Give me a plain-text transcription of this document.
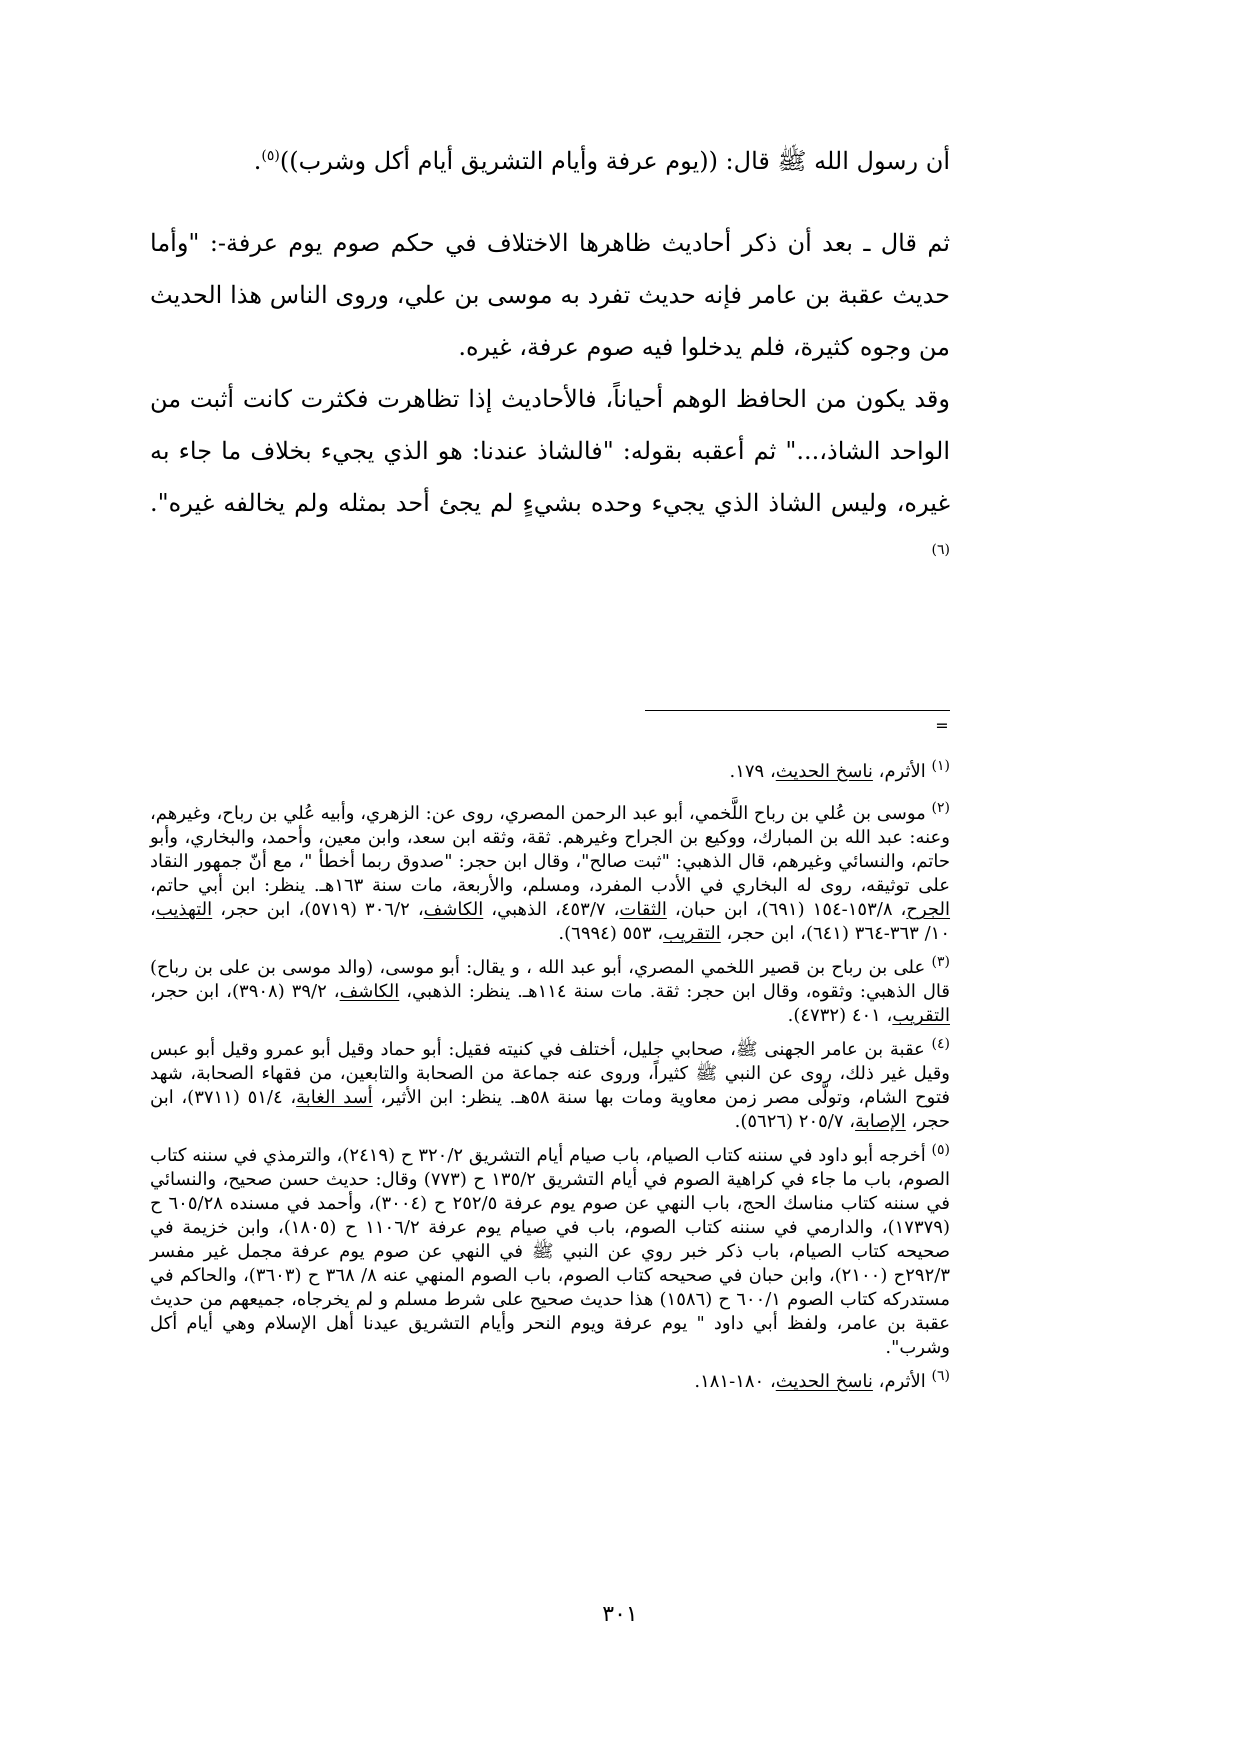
أن رسول الله ﷺ قال: ((يوم عرفة وأيام التشريق أيام أكل وشرب))$^{(٥)}$.

ثم قال ـ بعد أن ذكر أحاديث ظاهرها الاختلاف في حكم صوم يوم عرفة-: "وأما حديث عقبة بن عامر فإنه حديث تفرد به موسى بن علي، وروى الناس هذا الحديث من وجوه كثيرة، فلم يدخلوا فيه صوم عرفة، غيره.

وقد يكون من الحافظ الوهم أحياناً، فالأحاديث إذا تظاهرت فكثرت كانت أثبت من الواحد الشاذ،..." ثم أعقبه بقوله: "فالشاذ عندنا: هو الذي يجيء بخلاف ما جاء به غيره، وليس الشاذ الذي يجيء وحده بشيءٍ لم يجئ أحد بمثله ولم يخالفه غيره".$^{(٦)}$

=
$^{(١)}$ الأثرم، ناسخ الحديث، ١٧٩.
$^{(٢)}$ موسى بن عُلي بن رباح اللَّخمي، أبو عبد الرحمن المصري، روى عن: الزهري، وأبيه عُلي بن رباح، وغيرهم، وعنه: عبد الله بن المبارك، ووكيع بن الجراح وغيرهم. ثقة، وثقه ابن سعد، وابن معين، وأحمد، والبخاري، وأبو حاتم، والنسائي وغيرهم، قال الذهبي: "ثبت صالح"، وقال ابن حجر: "صدوق ربما أخطأ "، مع أنّ جمهور النقاد على توثيقه، روى له البخاري في الأدب المفرد، ومسلم، والأربعة، مات سنة ١٦٣هـ. ينظر: ابن أبي حاتم، الجرح، ١٥٣/٨-١٥٤ (٦٩١)، ابن حبان، الثقات، ٤٥٣/٧، الذهبي، الكاشف، ٣٠٦/٢ (٥٧١٩)، ابن حجر، التهذيب، ١٠/ ٣٦٣-٣٦٤ (٦٤١)، ابن حجر، التقريب، ٥٥٣ (٦٩٩٤).
$^{(٣)}$ على بن رباح بن قصير اللخمي المصري، أبو عبد الله ، و يقال: أبو موسى، (والد موسى بن على بن رباح) قال الذهبي: وثقوه، وقال ابن حجر: ثقة. مات سنة ١١٤هـ. ينظر: الذهبي، الكاشف، ٣٩/٢ (٣٩٠٨)، ابن حجر، التقريب، ٤٠١ (٤٧٣٢).
$^{(٤)}$ عقبة بن عامر الجهنى ﷺ، صحابي جليل، أختلف في كنيته فقيل: أبو حماد وقيل أبو عمرو وقيل أبو عبس وقيل غير ذلك، روى عن النبي ﷺ كثيراً، وروى عنه جماعة من الصحابة والتابعين، من فقهاء الصحابة، شهد فتوح الشام، وتولّى مصر زمن معاوية ومات بها سنة ٥٨هـ. ينظر: ابن الأثير، أسد الغابة، ٥١/٤ (٣٧١١)، ابن حجر، الإصابة، ٢٠٥/٧ (٥٦٢٦).
$^{(٥)}$ أخرجه أبو داود في سننه كتاب الصيام، باب صيام أيام التشريق ٣٢٠/٢ ح (٢٤١٩)، والترمذي في سننه كتاب الصوم، باب ما جاء في كراهية الصوم في أيام التشريق ١٣٥/٢ ح (٧٧٣) وقال: حديث حسن صحيح، والنسائي في سننه كتاب مناسك الحج، باب النهي عن صوم يوم عرفة ٢٥٢/٥ ح (٣٠٠٤)، وأحمد في مسنده ٦٠٥/٢٨ ح (١٧٣٧٩)، والدارمي في سننه كتاب الصوم، باب في صيام يوم عرفة ١١٠٦/٢ ح (١٨٠٥)، وابن خزيمة في صحيحه كتاب الصيام، باب ذكر خبر روي عن النبي ﷺ في النهي عن صوم يوم عرفة مجمل غير مفسر ٢٩٢/٣ح (٢١٠٠)، وابن حبان في صحيحه كتاب الصوم، باب الصوم المنهي عنه ٨/ ٣٦٨ ح (٣٦٠٣)، والحاكم في مستدركه كتاب الصوم ٦٠٠/١ ح (١٥٨٦) هذا حديث صحيح على شرط مسلم و لم يخرجاه، جميعهم من حديث عقبة بن عامر، ولفظ أبي داود " يوم عرفة ويوم النحر وأيام التشريق عيدنا أهل الإسلام وهي أيام أكل وشرب".
$^{(٦)}$ الأثرم، ناسخ الحديث، ١٨٠-١٨١.
٣٠١
